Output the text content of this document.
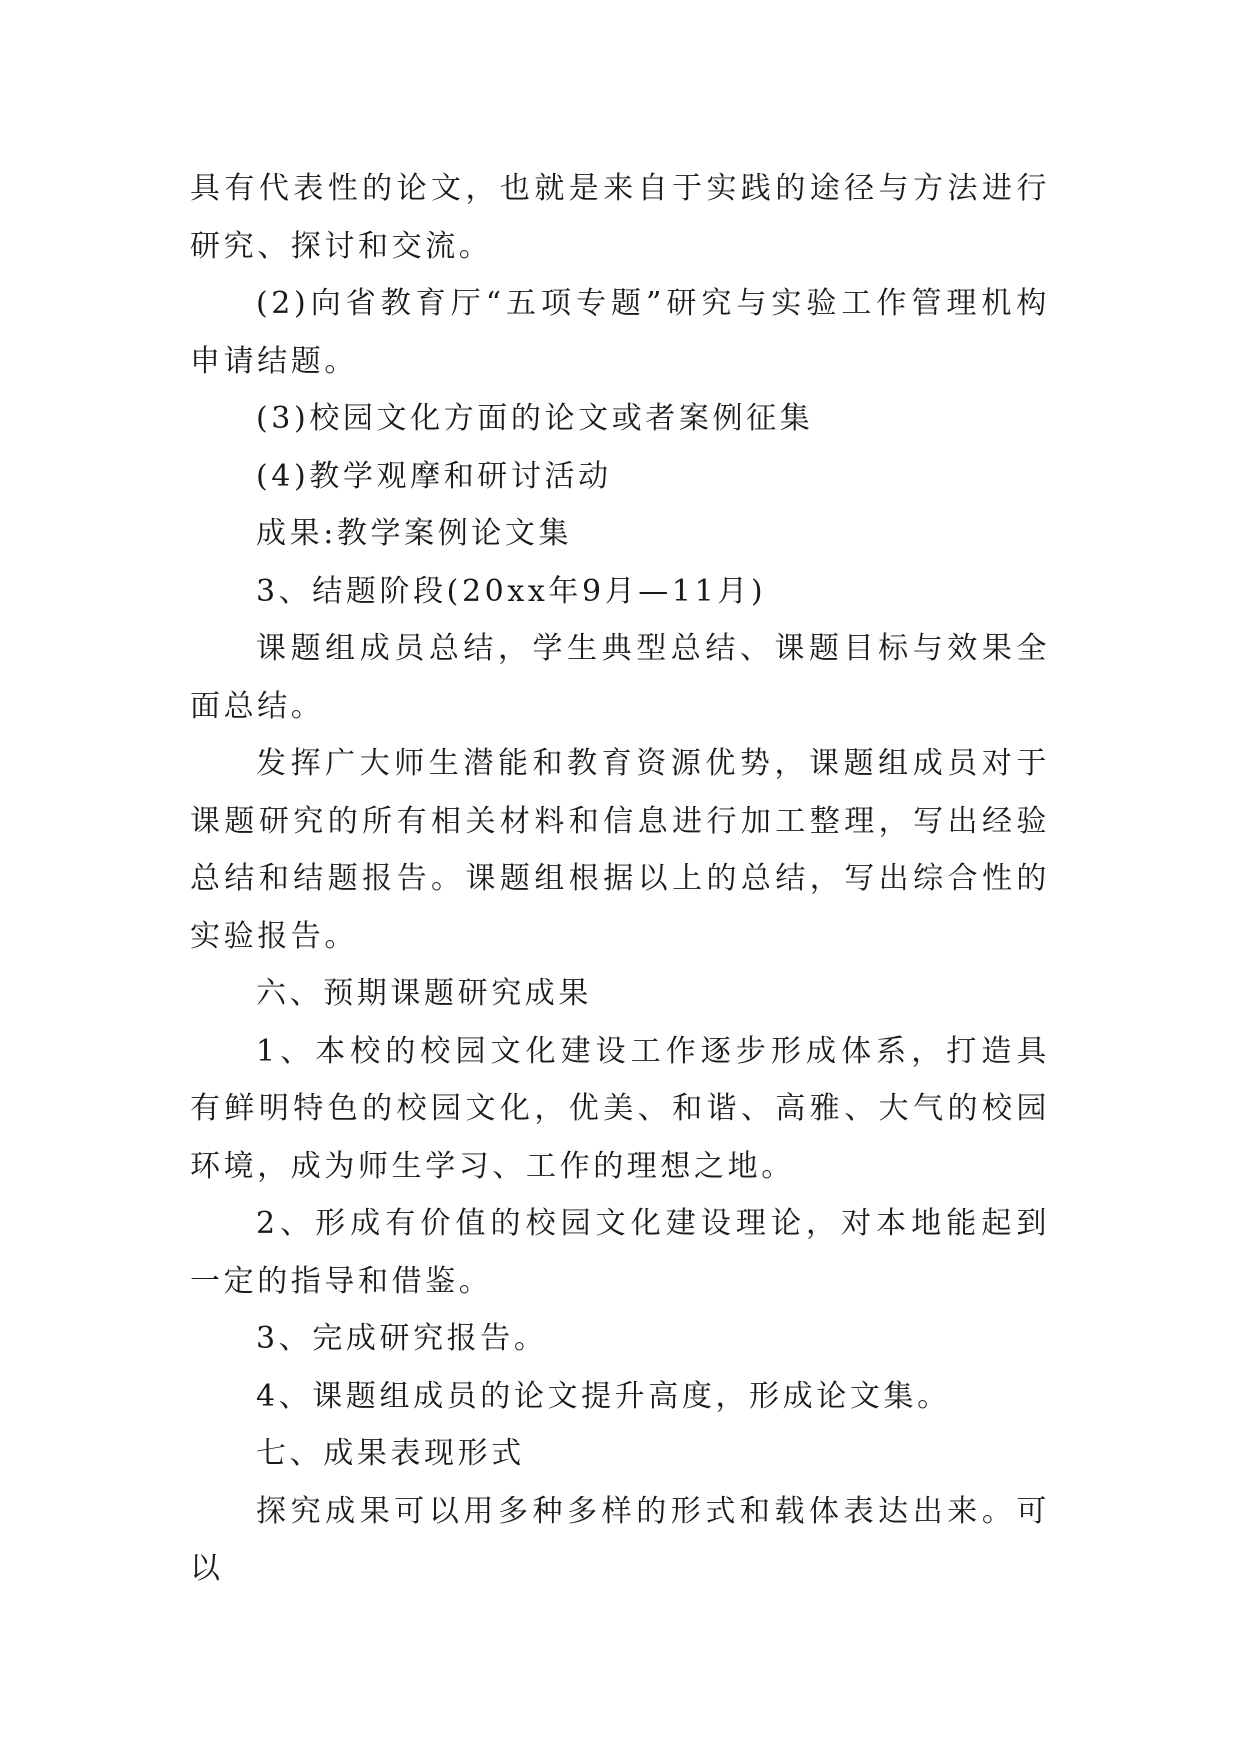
具有代表性的论文，也就是来自于实践的途径与方法进行研究、探讨和交流。

(2)向省教育厅“五项专题”研究与实验工作管理机构申请结题。

(3)校园文化方面的论文或者案例征集

(4)教学观摩和研讨活动

成果:教学案例论文集

3、结题阶段(20xx年9月—11月)

课题组成员总结，学生典型总结、课题目标与效果全面总结。

发挥广大师生潜能和教育资源优势，课题组成员对于课题研究的所有相关材料和信息进行加工整理，写出经验总结和结题报告。课题组根据以上的总结，写出综合性的实验报告。

六、预期课题研究成果

1、本校的校园文化建设工作逐步形成体系，打造具有鲜明特色的校园文化，优美、和谐、高雅、大气的校园环境，成为师生学习、工作的理想之地。

2、形成有价值的校园文化建设理论，对本地能起到一定的指导和借鉴。

3、完成研究报告。

4、课题组成员的论文提升高度，形成论文集。

七、成果表现形式

探究成果可以用多种多样的形式和载体表达出来。可以
